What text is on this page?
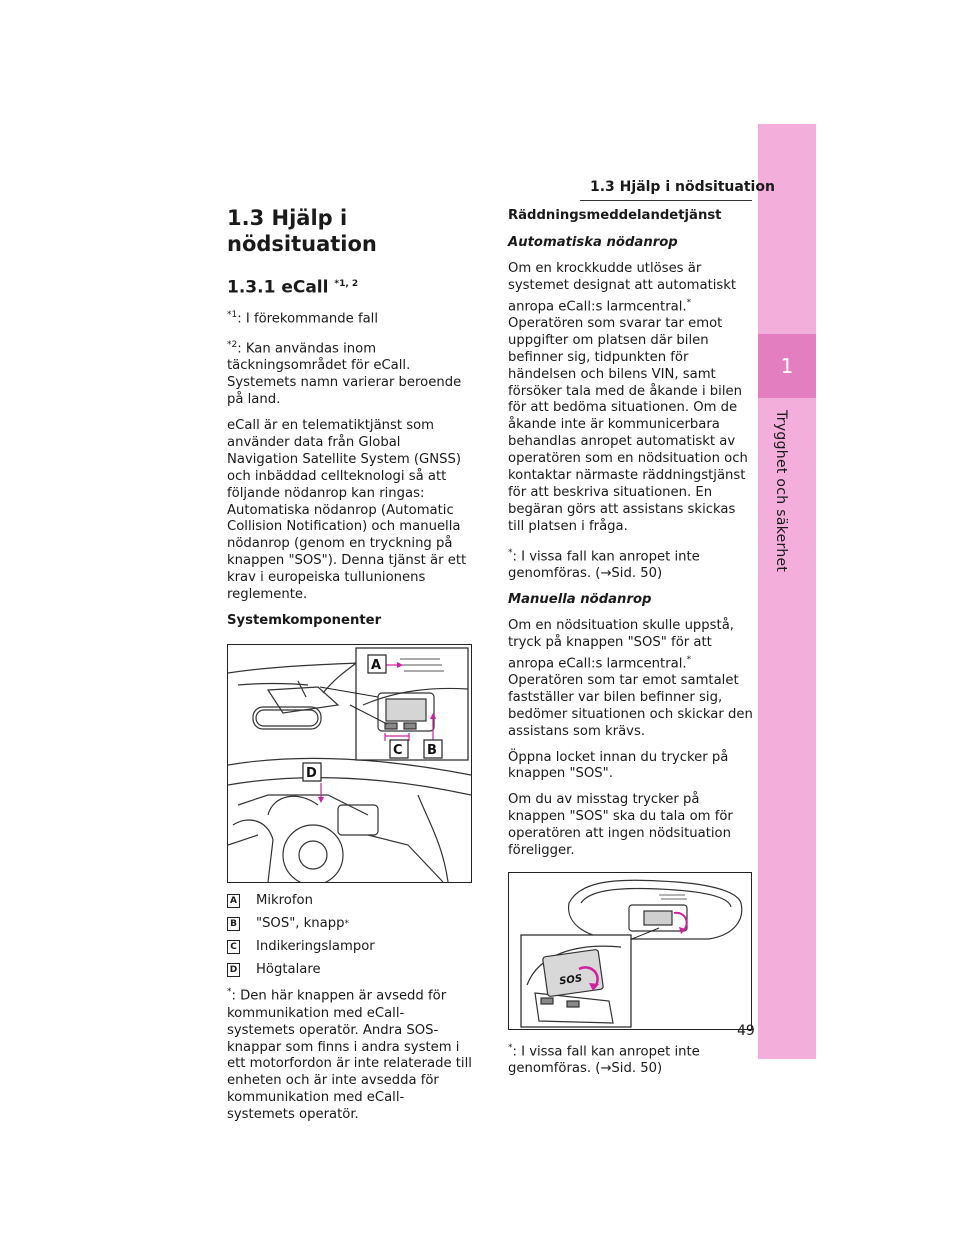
1
Trygghet och säkerhet
1.3 Hjälp i nödsituation
1.3 Hjälp i nödsituation
1.3.1 eCall $^{*1, 2}$

$^{*1}$: I förekommande fall

$^{*2}$: Kan användas inom täckningsområdet för eCall. Systemets namn varierar beroende på land.

eCall är en telematiktjänst som använder data från Global Navigation Satellite System (GNSS) och inbäddad cellteknologi så att följande nödanrop kan ringas: Automatiska nödanrop (Automatic Collision Notification) och manuella nödanrop (genom en tryckning på knappen "SOS"). Denna tjänst är ett krav i europeiska tullunionens reglemente.

Systemkomponenter
A
C B
D
A Mikrofon
B "SOS", knapp *
C Indikeringslampor
D Högtalare

*: Den här knappen är avsedd för kommunikation med eCall-systemets operatör. Andra SOS-knappar som finns i andra system i ett motorfordon är inte relaterade till enheten och är inte avsedda för kommunikation med eCall-systemets operatör.

Räddningsmeddelandetjänst

Automatiska nödanrop

Om en krockkudde utlöses är systemet designat att automatiskt anropa eCall:s larmcentral.* Operatören som svarar tar emot uppgifter om platsen där bilen befinner sig, tidpunkten för händelsen och bilens VIN, samt försöker tala med de åkande i bilen för att bedöma situationen. Om de åkande inte är kommunicerbara behandlas anropet automatiskt av operatören som en nödsituation och kontaktar närmaste räddningstjänst för att beskriva situationen. En begäran görs att assistans skickas till platsen i fråga.

*: I vissa fall kan anropet inte genomföras. (→Sid. 50)

Manuella nödanrop

Om en nödsituation skulle uppstå, tryck på knappen "SOS" för att anropa eCall:s larmcentral.* Operatören som tar emot samtalet fastställer var bilen befinner sig, bedömer situationen och skickar den assistans som krävs.

Öppna locket innan du trycker på knappen "SOS".

Om du av misstag trycker på knappen "SOS" ska du tala om för operatören att ingen nödsituation föreligger.

SOS

*: I vissa fall kan anropet inte genomföras. (→Sid. 50)

49
